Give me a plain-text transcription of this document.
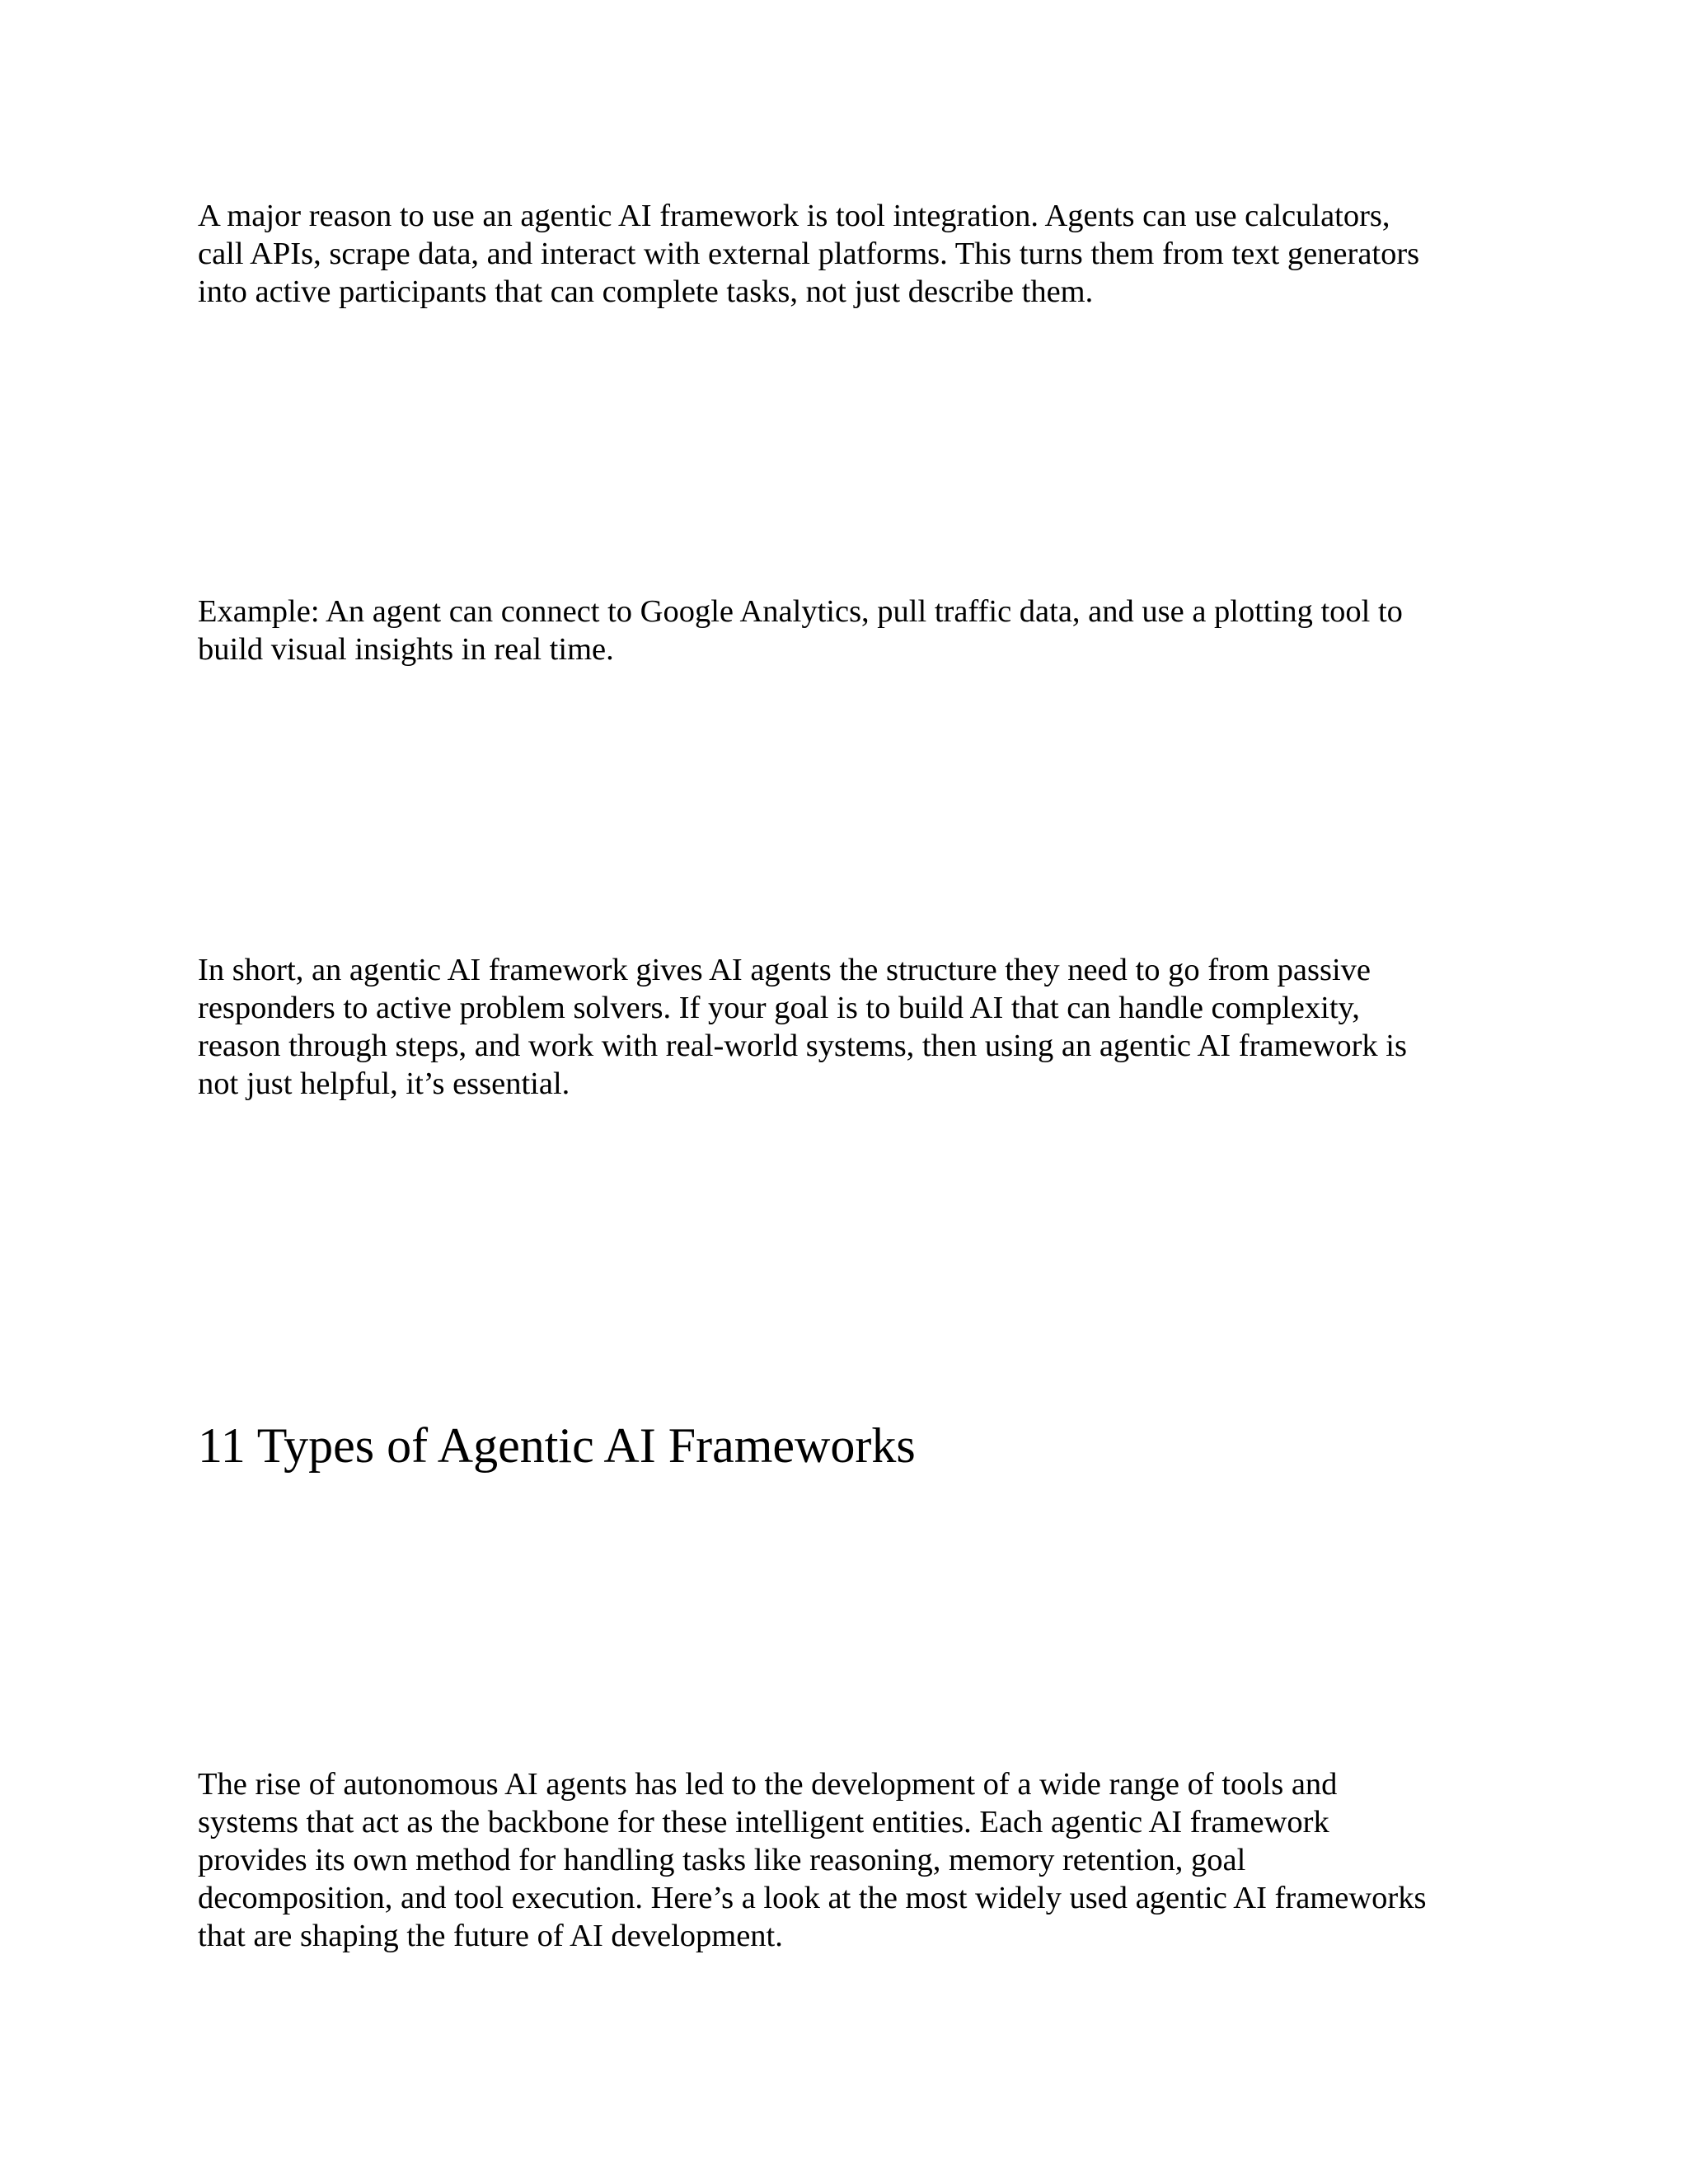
A major reason to use an agentic AI framework is tool integration. Agents can use calculators,
call APIs, scrape data, and interact with external platforms. This turns them from text generators
into active participants that can complete tasks, not just describe them.

Example: An agent can connect to Google Analytics, pull traffic data, and use a plotting tool to
build visual insights in real time.

In short, an agentic AI framework gives AI agents the structure they need to go from passive
responders to active problem solvers. If your goal is to build AI that can handle complexity,
reason through steps, and work with real-world systems, then using an agentic AI framework is
not just helpful, it’s essential.

11 Types of Agentic AI Frameworks

The rise of autonomous AI agents has led to the development of a wide range of tools and
systems that act as the backbone for these intelligent entities. Each agentic AI framework
provides its own method for handling tasks like reasoning, memory retention, goal
decomposition, and tool execution. Here’s a look at the most widely used agentic AI frameworks
that are shaping the future of AI development.
